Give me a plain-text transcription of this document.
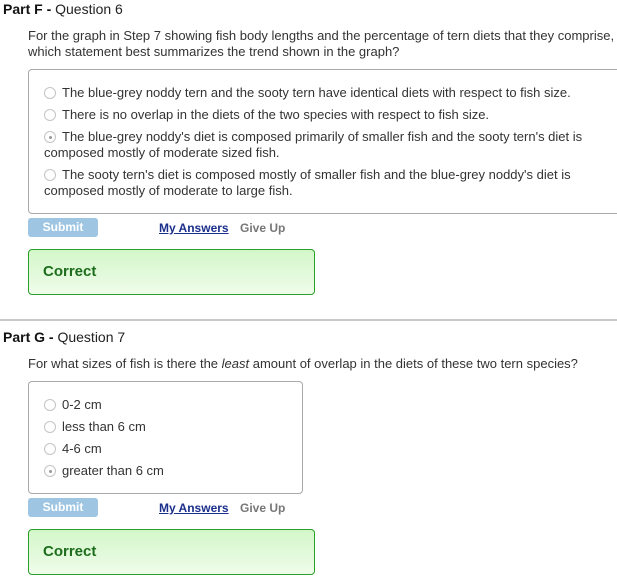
Part F - Question 6
For the graph in Step 7 showing fish body lengths and the percentage of tern diets that they comprise,
which statement best summarizes the trend shown in the graph?
The blue-grey noddy tern and the sooty tern have identical diets with respect to fish size.
There is no overlap in the diets of the two species with respect to fish size.
The blue-grey noddy's diet is composed primarily of smaller fish and the sooty tern's diet is
composed mostly of moderate sized fish.
The sooty tern's diet is composed mostly of smaller fish and the blue-grey noddy's diet is
composed mostly of moderate to large fish.
Submit	My Answers Give Up
Correct
Part G - Question 7
For what sizes of fish is there the least amount of overlap in the diets of these two tern species?
0-2 cm
less than 6 cm
4-6 cm
greater than 6 cm
Submit	My Answers Give Up
Correct
